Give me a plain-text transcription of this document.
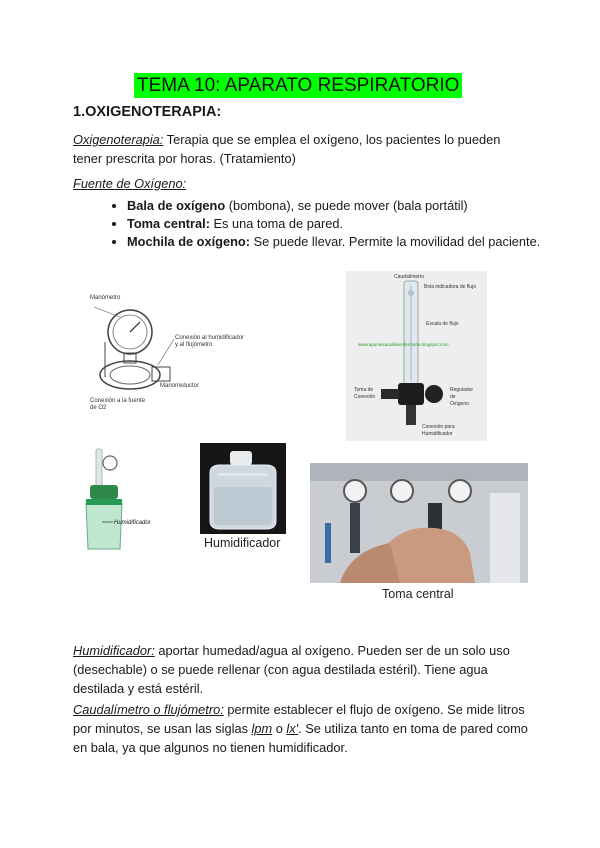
TEMA 10: APARATO RESPIRATORIO
1.OXIGENOTERAPIA:
Oxigenoterapia: Terapia que se emplea el oxígeno, los pacientes lo pueden tener prescrita por horas. (Tratamiento)
Fuente de Oxígeno:
• Bala de oxígeno (bombona), se puede mover (bala portátil)
• Toma central: Es una toma de pared.
• Mochila de oxígeno: Se puede llevar. Permite la movilidad del paciente.
Manómetro
Conexión al humidificador
y al flujómetro
Manorreductor
Conexión a la fuente
de O2
Caudalímetro
Bola indicadora de flujo
Escala de flujo
www.apuntesauxiliarenfermeria.blogspot.com
Toma de
Conexión
Regulador
de
Oxígeno
Conexión para
Humidificador
Humidificador
Humidificador
Toma central
Humidificador: aportar humedad/agua al oxígeno. Pueden ser de un solo uso (desechable) o se puede rellenar (con agua destilada estéril). Tiene agua destilada y está estéril.
Caudalímetro o flujómetro: permite establecer el flujo de oxígeno. Se mide litros por minutos, se usan las siglas lpm o lx'. Se utiliza tanto en toma de pared como en bala, ya que algunos no tienen humidificador.
